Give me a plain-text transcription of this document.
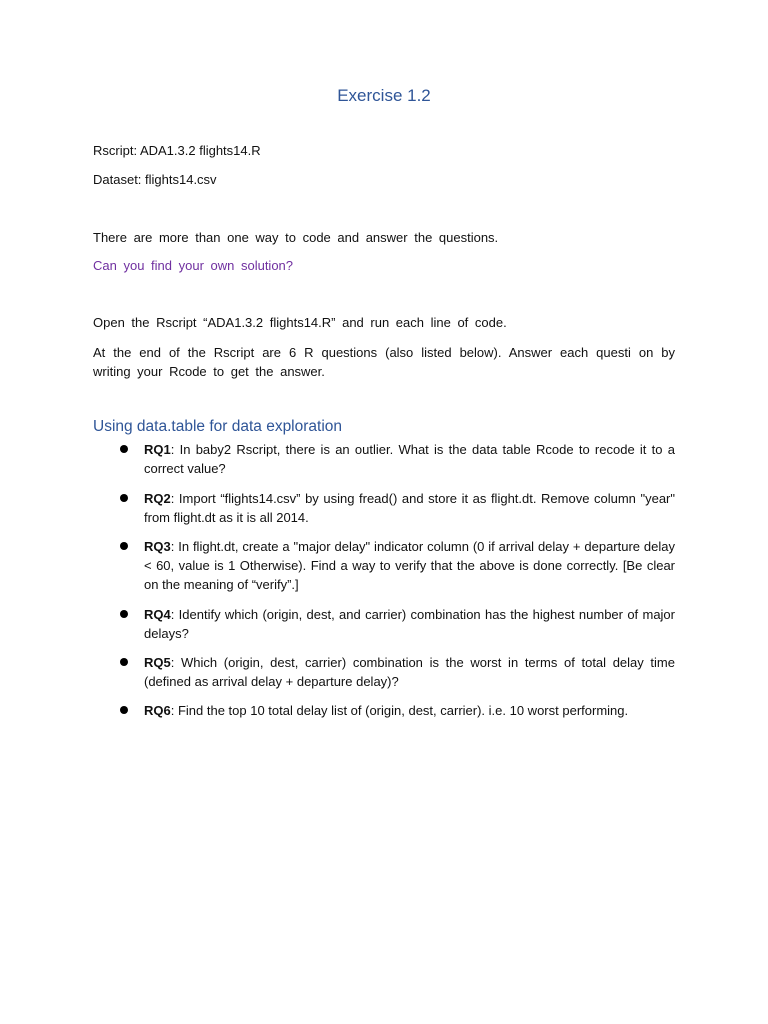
Exercise 1.2

Rscript: ADA1.3.2 flights14.R

Dataset: flights14.csv

There are more than one way to code and answer the questions.

Can you find your own solution?

Open the Rscript “ADA1.3.2 flights14.R” and run each line of code.

At the end of the Rscript are 6 R questions (also listed below). Answer each questi on by writing your Rcode to get the answer.

Using data.table for data exploration

RQ1: In baby2 Rscript, there is an outlier. What is the data table Rcode to recode it to a correct value?

RQ2: Import “flights14.csv” by using fread() and store it as flight.dt. Remove column "year" from flight.dt as it is all 2014.

RQ3: In flight.dt, create a "major delay" indicator column (0 if arrival delay + departure delay < 60, value is 1 Otherwise). Find a way to verify that the above is done correctly. [Be clear on the meaning of “verify”.]

RQ4: Identify which (origin, dest, and carrier) combination has the highest number of major delays?

RQ5: Which (origin, dest, carrier) combination is the worst in terms of total delay time (defined as arrival delay + departure delay)?

RQ6: Find the top 10 total delay list of (origin, dest, carrier). i.e. 10 worst performing.
